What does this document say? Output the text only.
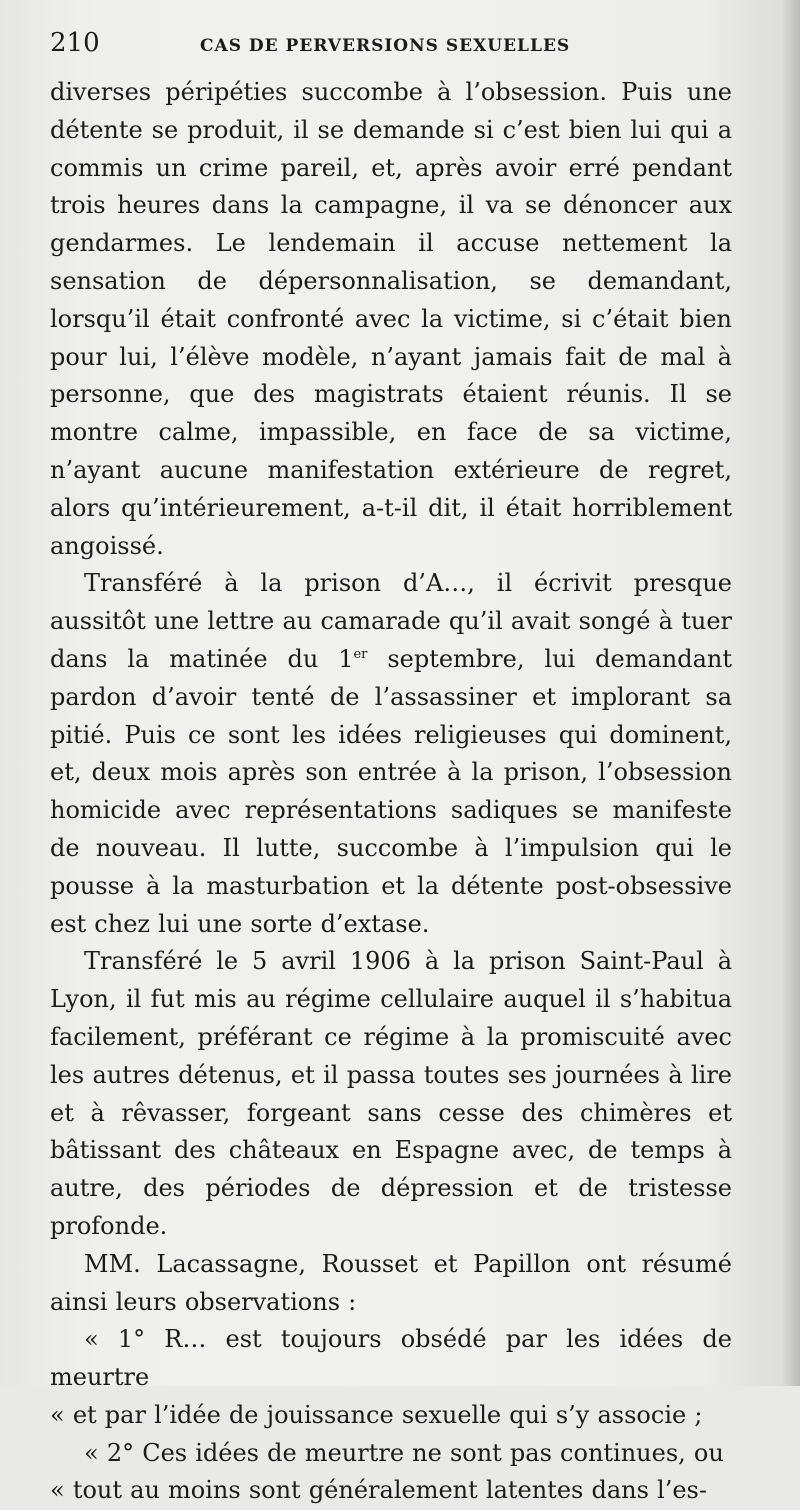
210	CAS DE PERVERSIONS SEXUELLES

diverses péripéties succombe à l’obsession. Puis une détente se produit, il se demande si c’est bien lui qui a commis un crime pareil, et, après avoir erré pendant trois heures dans la campagne, il va se dénoncer aux gendarmes. Le lendemain il accuse nettement la sensation de dépersonnalisation, se demandant, lorsqu’il était confronté avec la victime, si c’était bien pour lui, l’élève modèle, n’ayant jamais fait de mal à personne, que des magistrats étaient réunis. Il se montre calme, impassible, en face de sa victime, n’ayant aucune manifestation extérieure de regret, alors qu’intérieurement, a-t-il dit, il était horriblement angoissé.

Transféré à la prison d’A…, il écrivit presque aussitôt une lettre au camarade qu’il avait songé à tuer dans la matinée du 1er septembre, lui demandant pardon d’avoir tenté de l’assassiner et implorant sa pitié. Puis ce sont les idées religieuses qui dominent, et, deux mois après son entrée à la prison, l’obsession homicide avec représentations sadiques se manifeste de nouveau. Il lutte, succombe à l’impulsion qui le pousse à la masturbation et la détente post-obsessive est chez lui une sorte d’extase.

Transféré le 5 avril 1906 à la prison Saint-Paul à Lyon, il fut mis au régime cellulaire auquel il s’habitua facilement, préférant ce régime à la promiscuité avec les autres détenus, et il passa toutes ses journées à lire et à rêvasser, forgeant sans cesse des chimères et bâtissant des châteaux en Espagne avec, de temps à autre, des périodes de dépression et de tristesse profonde.

MM. Lacassagne, Rousset et Papillon ont résumé ainsi leurs observations :

« 1° R… est toujours obsédé par les idées de meurtre

« et par l’idée de jouissance sexuelle qui s’y associe ;

« 2° Ces idées de meurtre ne sont pas continues, ou

« tout au moins sont généralement latentes dans l’es-
